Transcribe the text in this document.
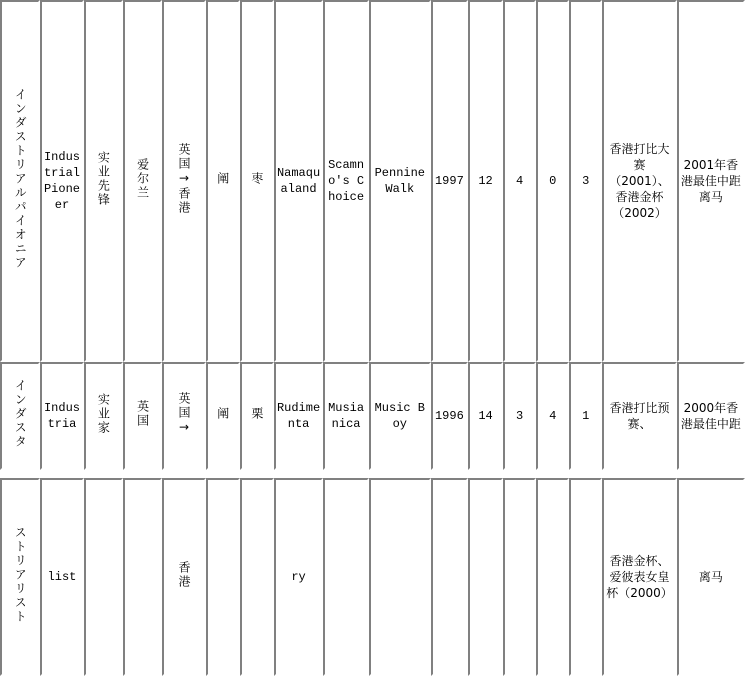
インダストリアルパイオニア	Industrial Pioneer	实业先锋	爱尔兰	英国→香港	阐	枣	Namaqualand	Scamno's Choice	Pennine Walk	1997	12	4	0	3	香港打比大赛（2001）、香港金杯（2002）	2001年香港最佳中距离马

インダスタ	Industria	实业家	英国	英国→	阐	栗	Rudimenta	Musianica	Music Boy	1996	14	3	4	1	香港打比预赛、	2000年香港最佳中距

ストリアリスト	list			香港			ry								香港金杯、爱彼表女皇杯（2000）	离马
